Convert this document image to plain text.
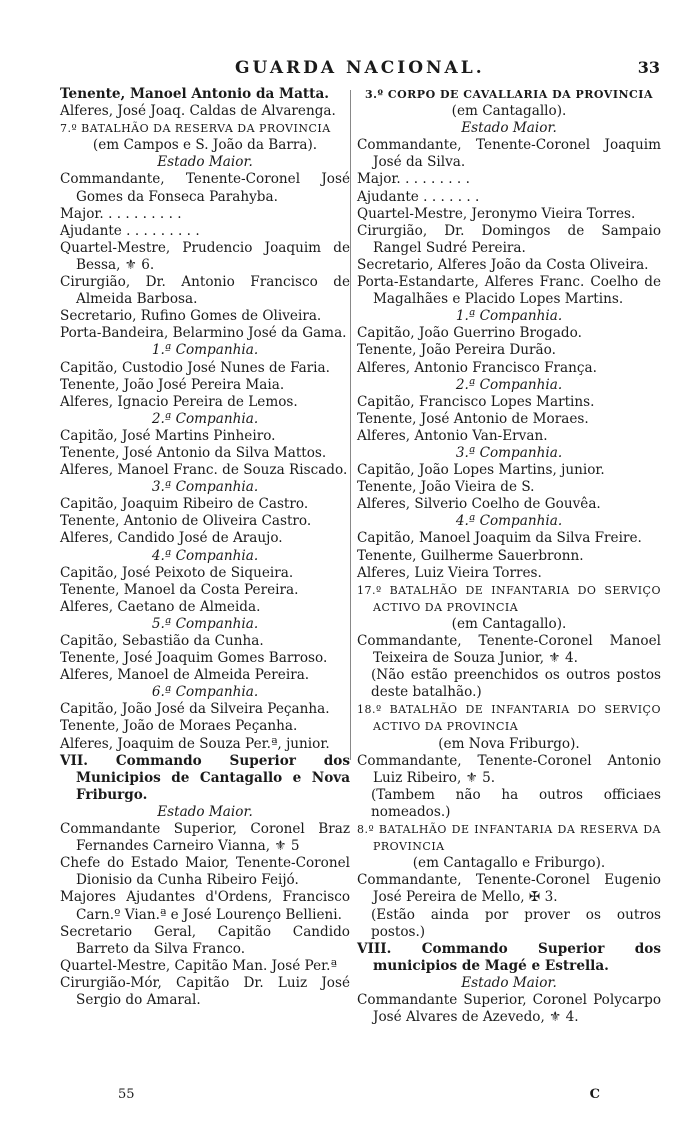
GUARDA NACIONAL.	33

Tenente, Manoel Antonio da Matta.

Alferes, José Joaq. Caldas de Alvarenga.

7.º BATALHÃO DA RESERVA DA PROVINCIA

(em Campos e S. João da Barra).

Estado Maior.

Commandante, Tenente-Coronel José Gomes da Fonseca Parahyba.

Major. . . . . . . . . .

Ajudante . . . . . . . . .

Quartel-Mestre, Prudencio Joaquim de Bessa, ⚜ 6.

Cirurgião, Dr. Antonio Francisco de Almeida Barbosa.

Secretario, Rufino Gomes de Oliveira.

Porta-Bandeira, Belarmino José da Gama.

1.ª Companhia.

Capitão, Custodio José Nunes de Faria.

Tenente, João José Pereira Maia.

Alferes, Ignacio Pereira de Lemos.

2.ª Companhia.

Capitão, José Martins Pinheiro.

Tenente, José Antonio da Silva Mattos.

Alferes, Manoel Franc. de Souza Riscado.

3.ª Companhia.

Capitão, Joaquim Ribeiro de Castro.

Tenente, Antonio de Oliveira Castro.

Alferes, Candido José de Araujo.

4.ª Companhia.

Capitão, José Peixoto de Siqueira.

Tenente, Manoel da Costa Pereira.

Alferes, Caetano de Almeida.

5.ª Companhia.

Capitão, Sebastião da Cunha.

Tenente, José Joaquim Gomes Barroso.

Alferes, Manoel de Almeida Pereira.

6.ª Companhia.

Capitão, João José da Silveira Peçanha.

Tenente, João de Moraes Peçanha.

Alferes, Joaquim de Souza Per.ª, junior.

VII. Commando Superior dos Municipios de Cantagallo e Nova Friburgo.

Estado Maior.

Commandante Superior, Coronel Braz Fernandes Carneiro Vianna, ⚜ 5

Chefe do Estado Maior, Tenente-Coronel Dionisio da Cunha Ribeiro Feijó.

Majores Ajudantes d'Ordens, Francisco Carn.º Vian.ª e José Lourenço Bellieni.

Secretario Geral, Capitão Candido Barreto da Silva Franco.

Quartel-Mestre, Capitão Man. José Per.ª

Cirurgião-Mór, Capitão Dr. Luiz José Sergio do Amaral.

3.º CORPO DE CAVALLARIA DA PROVINCIA

(em Cantagallo).

Estado Maior.

Commandante, Tenente-Coronel Joaquim José da Silva.

Major. . . . . . . . .

Ajudante . . . . . . .

Quartel-Mestre, Jeronymo Vieira Torres.

Cirurgião, Dr. Domingos de Sampaio Rangel Sudré Pereira.

Secretario, Alferes João da Costa Oliveira.

Porta-Estandarte, Alferes Franc. Coelho de Magalhães e Placido Lopes Martins.

1.ª Companhia.

Capitão, João Guerrino Brogado.

Tenente, João Pereira Durão.

Alferes, Antonio Francisco França.

2.ª Companhia.

Capitão, Francisco Lopes Martins.

Tenente, José Antonio de Moraes.

Alferes, Antonio Van-Ervan.

3.ª Companhia.

Capitão, João Lopes Martins, junior.

Tenente, João Vieira de S.

Alferes, Silverio Coelho de Gouvêa.

4.ª Companhia.

Capitão, Manoel Joaquim da Silva Freire.

Tenente, Guilherme Sauerbronn.

Alferes, Luiz Vieira Torres.

17.º BATALHÃO DE INFANTARIA DO SERVIÇO ACTIVO DA PROVINCIA

(em Cantagallo).

Commandante, Tenente-Coronel Manoel Teixeira de Souza Junior, ⚜ 4.

(Não estão preenchidos os outros postos deste batalhão.)

18.º BATALHÃO DE INFANTARIA DO SERVIÇO ACTIVO DA PROVINCIA

(em Nova Friburgo).

Commandante, Tenente-Coronel Antonio Luiz Ribeiro, ⚜ 5.

(Tambem não ha outros officiaes nomeados.)

8.º BATALHÃO DE INFANTARIA DA RESERVA DA PROVINCIA

(em Cantagallo e Friburgo).

Commandante, Tenente-Coronel Eugenio José Pereira de Mello, ✠ 3.

(Estão ainda por prover os outros postos.)

VIII. Commando Superior dos municipios de Magé e Estrella.

Estado Maior.

Commandante Superior, Coronel Polycarpo José Alvares de Azevedo, ⚜ 4.

55	C
